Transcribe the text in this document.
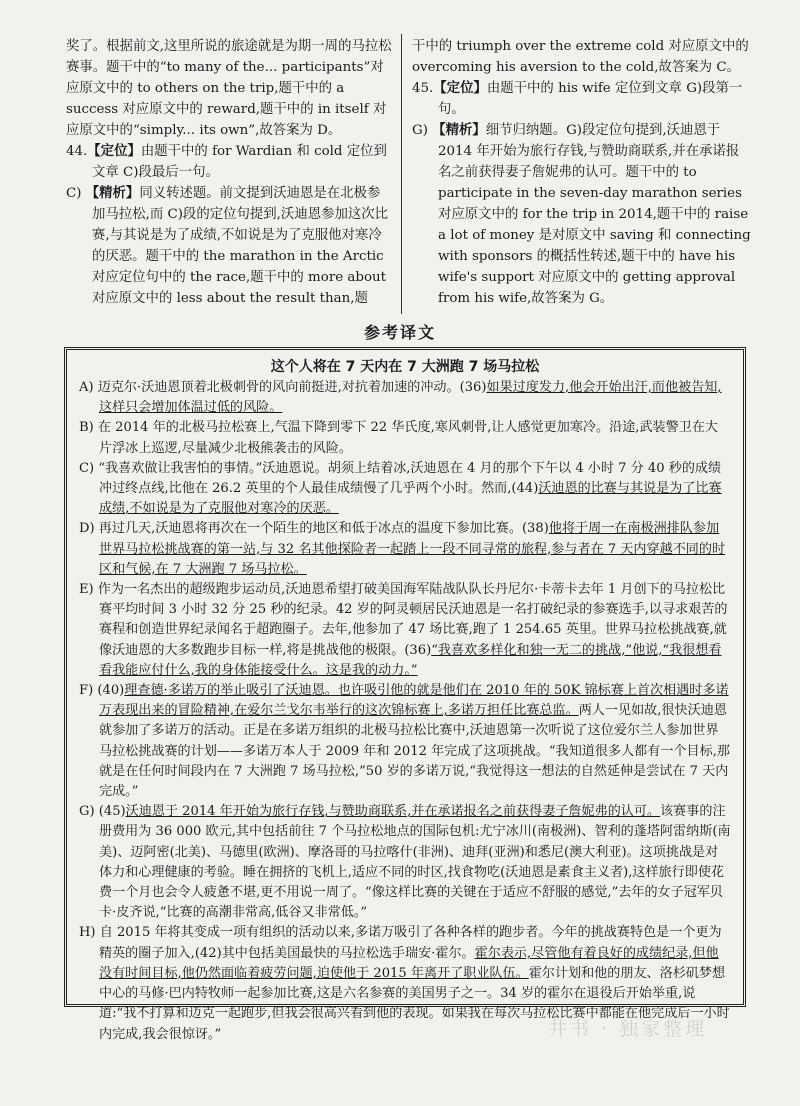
奖了。根据前文,这里所说的旅途就是为期一周的马拉松赛事。题干中的“to many of the... participants”对应原文中的 to others on the trip,题干中的 a success 对应原文中的 reward,题干中的 in itself 对应原文中的“simply... its own”,故答案为 D。

44.【定位】由题干中的 for Wardian 和 cold 定位到文章 C)段最后一句。

C) 【精析】同义转述题。前文提到沃迪恩是在北极参加马拉松,而 C)段的定位句提到,沃迪恩参加这次比赛,与其说是为了成绩,不如说是为了克服他对寒冷的厌恶。题干中的 the marathon in the Arctic 对应定位句中的 the race,题干中的 more about 对应原文中的 less about the result than,题

干中的 triumph over the extreme cold 对应原文中的 overcoming his aversion to the cold,故答案为 C。

45.【定位】由题干中的 his wife 定位到文章 G)段第一句。

G) 【精析】细节归纳题。G)段定位句提到,沃迪恩于 2014 年开始为旅行存钱,与赞助商联系,并在承诺报名之前获得妻子詹妮弗的认可。题干中的 to participate in the seven-day marathon series 对应原文中的 for the trip in 2014,题干中的 raise a lot of money 是对原文中 saving 和 connecting with sponsors 的概括性转述,题干中的 have his wife's support 对应原文中的 getting approval from his wife,故答案为 G。

参考译文

这个人将在 7 天内在 7 大洲跑 7 场马拉松

A) 迈克尔·沃迪恩顶着北极刺骨的风向前挺进,对抗着加速的冲动。(36)如果过度发力,他会开始出汗,而他被告知,这样只会增加体温过低的风险。

B) 在 2014 年的北极马拉松赛上,气温下降到零下 22 华氏度,寒风刺骨,让人感觉更加寒冷。沿途,武装警卫在大片浮冰上巡逻,尽量减少北极熊袭击的风险。

C) “我喜欢做让我害怕的事情。”沃迪恩说。胡须上结着冰,沃迪恩在 4 月的那个下午以 4 小时 7 分 40 秒的成绩冲过终点线,比他在 26.2 英里的个人最佳成绩慢了几乎两个小时。然而,(44)沃迪恩的比赛与其说是为了比赛成绩,不如说是为了克服他对寒冷的厌恶。

D) 再过几天,沃迪恩将再次在一个陌生的地区和低于冰点的温度下参加比赛。(38)他将于周一在南极洲排队参加世界马拉松挑战赛的第一站,与 32 名其他探险者一起踏上一段不同寻常的旅程,参与者在 7 天内穿越不同的时区和气候,在 7 大洲跑 7 场马拉松。

E) 作为一名杰出的超级跑步运动员,沃迪恩希望打破美国海军陆战队队长丹尼尔·卡蒂卡去年 1 月创下的马拉松比赛平均时间 3 小时 32 分 25 秒的纪录。42 岁的阿灵顿居民沃迪恩是一名打破纪录的参赛选手,以寻求艰苦的赛程和创造世界纪录闻名于超跑圈子。去年,他参加了 47 场比赛,跑了 1 254.65 英里。世界马拉松挑战赛,就像沃迪恩的大多数跑步目标一样,将是挑战他的极限。(36)“我喜欢多样化和独一无二的挑战,”他说,“我很想看看我能应付什么,我的身体能接受什么。这是我的动力。”

F) (40)理查德·多诺万的举止吸引了沃迪恩。也许吸引他的就是他们在 2010 年的 50K 锦标赛上首次相遇时多诺万表现出来的冒险精神,在爱尔兰戈尔韦举行的这次锦标赛上,多诺万担任比赛总监。两人一见如故,很快沃迪恩就参加了多诺万的活动。正是在多诺万组织的北极马拉松比赛中,沃迪恩第一次听说了这位爱尔兰人参加世界马拉松挑战赛的计划——多诺万本人于 2009 年和 2012 年完成了这项挑战。“我知道很多人都有一个目标,那就是在任何时间段内在 7 大洲跑 7 场马拉松,”50 岁的多诺万说,“我觉得这一想法的自然延伸是尝试在 7 天内完成。”

G) (45)沃迪恩于 2014 年开始为旅行存钱,与赞助商联系,并在承诺报名之前获得妻子詹妮弗的认可。该赛事的注册费用为 36 000 欧元,其中包括前往 7 个马拉松地点的国际包机:尤宁冰川(南极洲)、智利的蓬塔阿雷纳斯(南美)、迈阿密(北美)、马德里(欧洲)、摩洛哥的马拉喀什(非洲)、迪拜(亚洲)和悉尼(澳大利亚)。这项挑战是对体力和心理健康的考验。睡在拥挤的飞机上,适应不同的时区,找食物吃(沃迪恩是素食主义者),这样旅行即使花费一个月也会令人疲惫不堪,更不用说一周了。“像这样比赛的关键在于适应不舒服的感觉,”去年的女子冠军贝卡·皮齐说,“比赛的高潮非常高,低谷又非常低。”

H) 自 2015 年将其变成一项有组织的活动以来,多诺万吸引了各种各样的跑步者。今年的挑战赛特色是一个更为精英的圈子加入,(42)其中包括美国最快的马拉松选手瑞安·霍尔。霍尔表示,尽管他有着良好的成绩纪录,但他没有时间目标,他仍然面临着疲劳问题,迫使他于 2015 年离开了职业队伍。霍尔计划和他的朋友、洛杉矶梦想中心的马修·巴内特牧师一起参加比赛,这是六名参赛的美国男子之一。34 岁的霍尔在退役后开始举重,说道:“我不打算和迈克一起跑步,但我会很高兴看到他的表现。如果我在每次马拉松比赛中都能在他完成后一小时内完成,我会很惊讶。”	井书 · 独家整理
